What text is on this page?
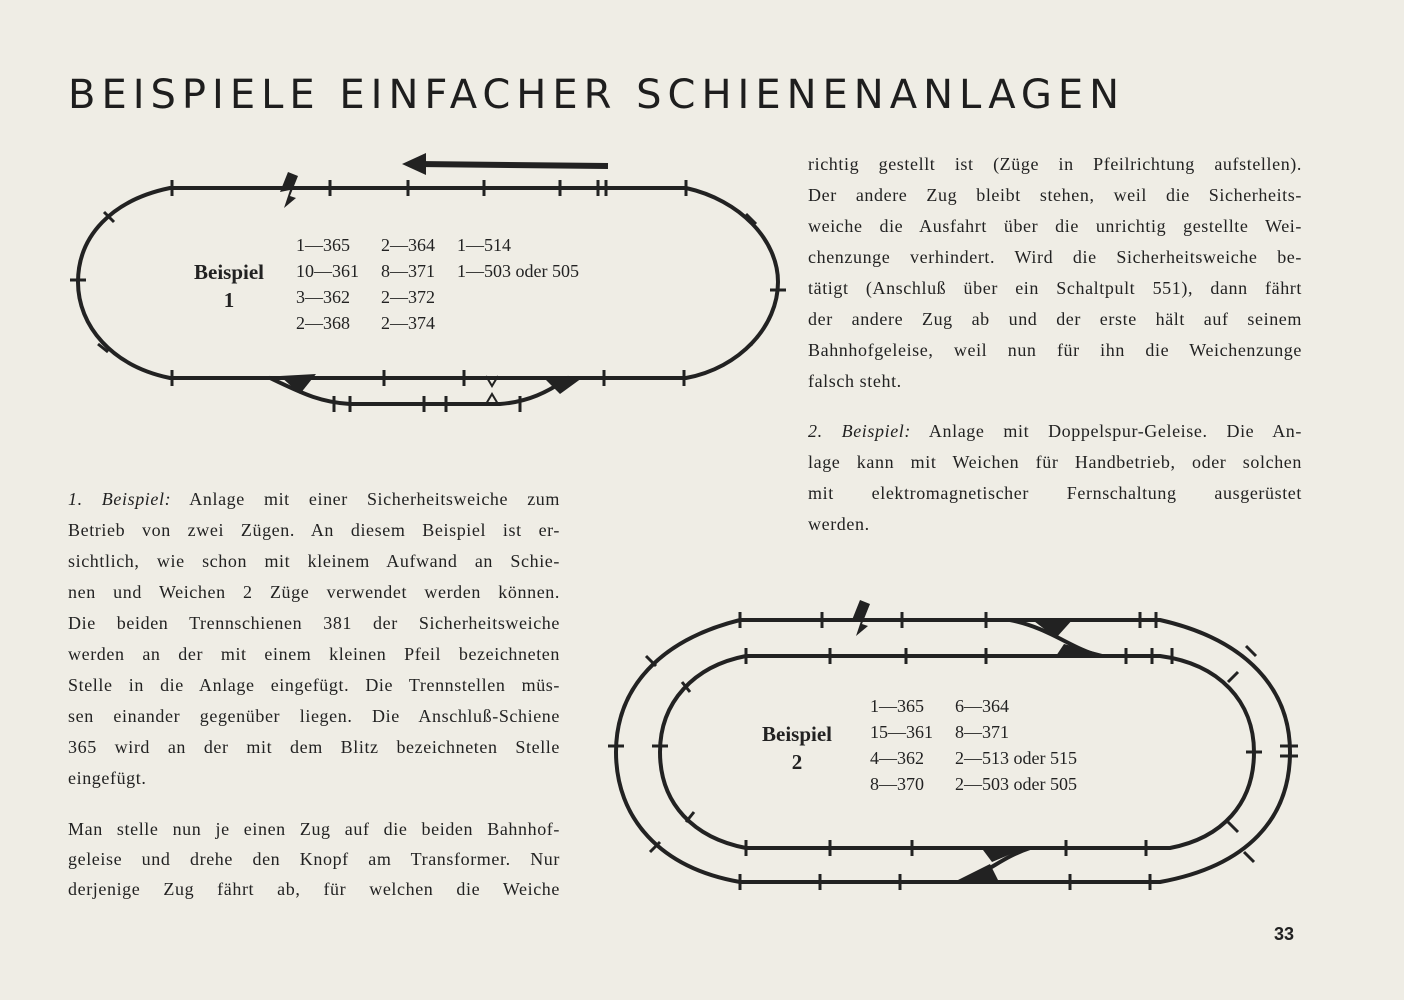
BEISPIELE EINFACHER SCHIENENANLAGEN
Beispiel
1
1—365	2—364	1—514
10—361	8—371	1—503 oder 505
3—362	2—372	
2—368	2—374	
Beispiel
2
1—365	6—364
15—361	8—371
4—362	2—513 oder 515
8—370	2—503 oder 505
1. Beispiel: Anlage mit einer Sicherheitsweiche zum
Betrieb von zwei Zügen. An diesem Beispiel ist er-
sichtlich, wie schon mit kleinem Aufwand an Schie-
nen und Weichen 2 Züge verwendet werden können.
Die beiden Trennschienen 381 der Sicherheitsweiche
werden an der mit einem kleinen Pfeil bezeichneten
Stelle in die Anlage eingefügt. Die Trennstellen müs-
sen einander gegenüber liegen. Die Anschluß-Schiene
365 wird an der mit dem Blitz bezeichneten Stelle
eingefügt.
Man stelle nun je einen Zug auf die beiden Bahnhof-
geleise und drehe den Knopf am Transformer. Nur
derjenige Zug fährt ab, für welchen die Weiche
richtig gestellt ist (Züge in Pfeilrichtung aufstellen).
Der andere Zug bleibt stehen, weil die Sicherheits-
weiche die Ausfahrt über die unrichtig gestellte Wei-
chenzunge verhindert. Wird die Sicherheitsweiche be-
tätigt (Anschluß über ein Schaltpult 551), dann fährt
der andere Zug ab und der erste hält auf seinem
Bahnhofgeleise, weil nun für ihn die Weichenzunge
falsch steht.
2. Beispiel: Anlage mit Doppelspur-Geleise. Die An-
lage kann mit Weichen für Handbetrieb, oder solchen
mit elektromagnetischer Fernschaltung ausgerüstet
werden.
33
